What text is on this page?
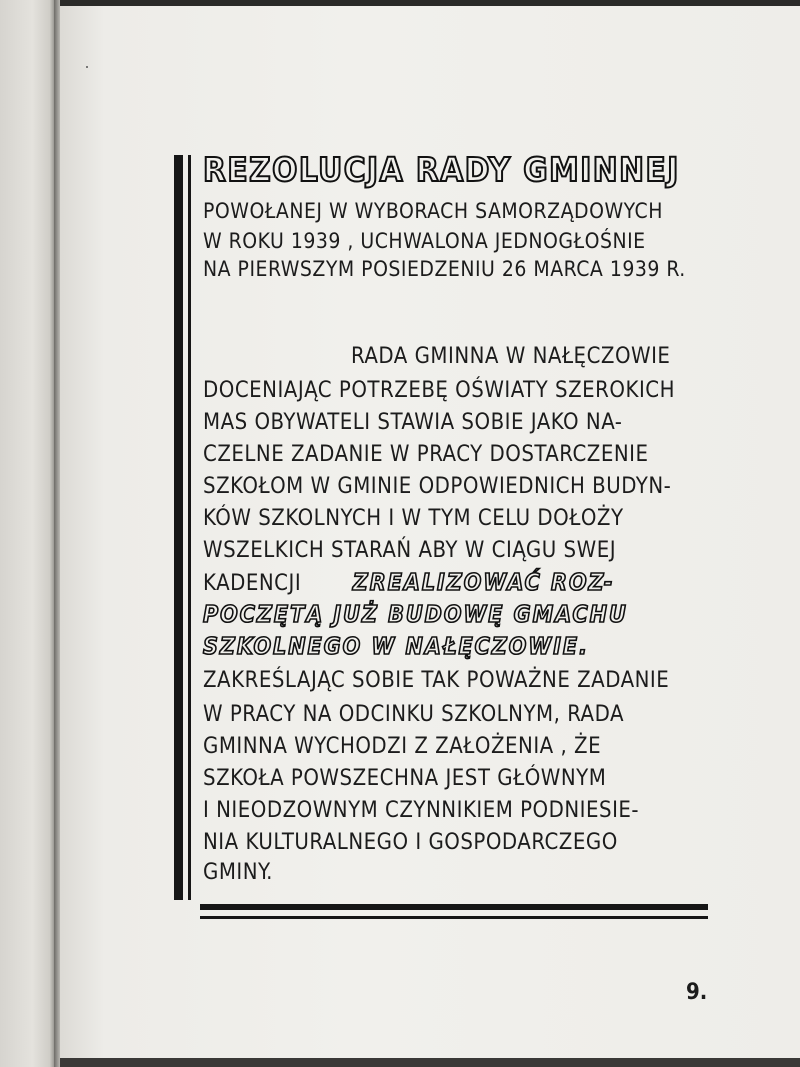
REZOLUCJA RADY GMINNEJ
POWOŁANEJ W WYBORACH SAMORZĄDOWYCH
W ROKU 1939 , UCHWALONA JEDNOGŁOŚNIE
NA PIERWSZYM POSIEDZENIU 26 MARCA 1939 R.
RADA GMINNA W NAŁĘCZOWIE
DOCENIAJĄC POTRZEBĘ OŚWIATY SZEROKICH
MAS OBYWATELI STAWIA SOBIE JAKO NA-
CZELNE ZADANIE W PRACY DOSTARCZENIE
SZKOŁOM W GMINIE ODPOWIEDNICH BUDYN-
KÓW SZKOLNYCH I W TYM CELU DOŁOŻY
WSZELKICH STARAŃ ABY W CIĄGU SWEJ
KADENCJI ZREALIZOWAĆ ROZ-
POCZĘTĄ JUŻ BUDOWĘ GMACHU
SZKOLNEGO W NAŁĘCZOWIE.
ZAKREŚLAJĄC SOBIE TAK POWAŻNE ZADANIE
W PRACY NA ODCINKU SZKOLNYM, RADA
GMINNA WYCHODZI Z ZAŁOŻENIA , ŻE
SZKOŁA POWSZECHNA JEST GŁÓWNYM
I NIEODZOWNYM CZYNNIKIEM PODNIESIE-
NIA KULTURALNEGO I GOSPODARCZEGO
GMINY.
9.
